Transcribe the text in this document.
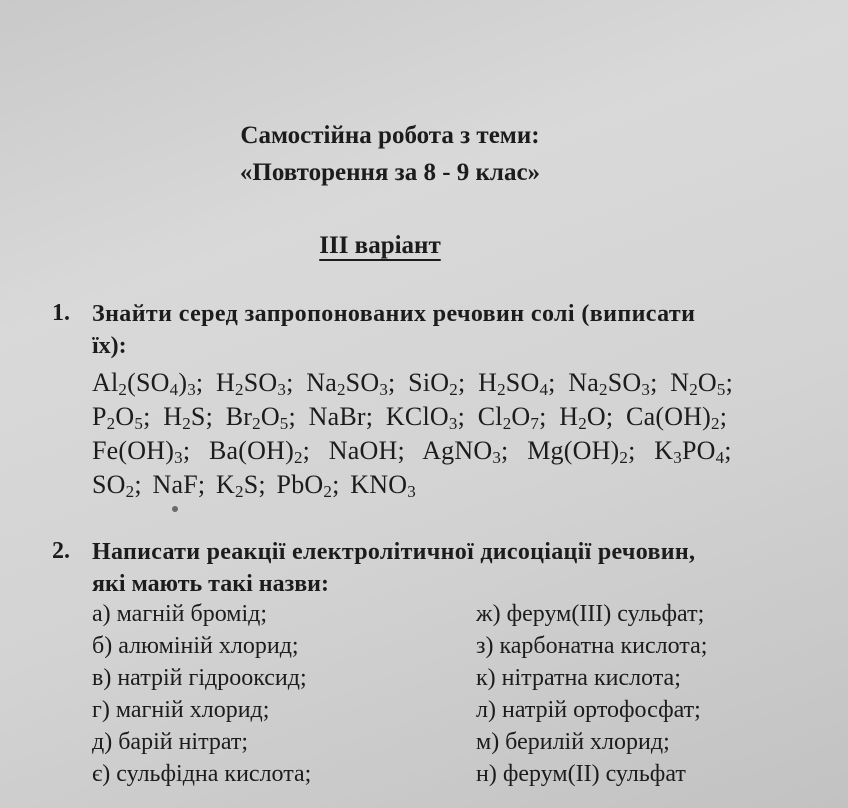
Самостійна робота з теми:
«Повторення за 8 - 9 клас»
ІІІ варіант
1. Знайти серед запропонованих речовин солі (виписати
їх):
$Al_2(SO_4)_3$; $H_2SO_3$; $Na_2SO_3$; SiO$_2$; $H_2SO_4$; $Na_2SO_3$; $N_2O_5$;
$P_2O_5$; $H_2S$; $Br_2O_5$; NaBr; KClO$_3$; $Cl_2O_7$; $H_2O$; $Ca(OH)_2$;
$Fe(OH)_3$; $Ba(OH)_2$; NaOH; AgNO$_3$; $Mg(OH)_2$; $K_3PO_4$;
$SO_2$; NaF; $K_2S$; PbO$_2$; $KNO_3$
2. Написати реакції електролітичної дисоціації речовин,
які мають такі назви:
а) магній бромід;
б) алюміній хлорид;
в) натрій гідрооксид;
г) магній хлорид;
д) барій нітрат;
є) сульфідна кислота;
ж) ферум(ІІІ) сульфат;
з) карбонатна кислота;
к) нітратна кислота;
л) натрій ортофосфат;
м) берилій хлорид;
н) ферум(ІІ) сульфат
